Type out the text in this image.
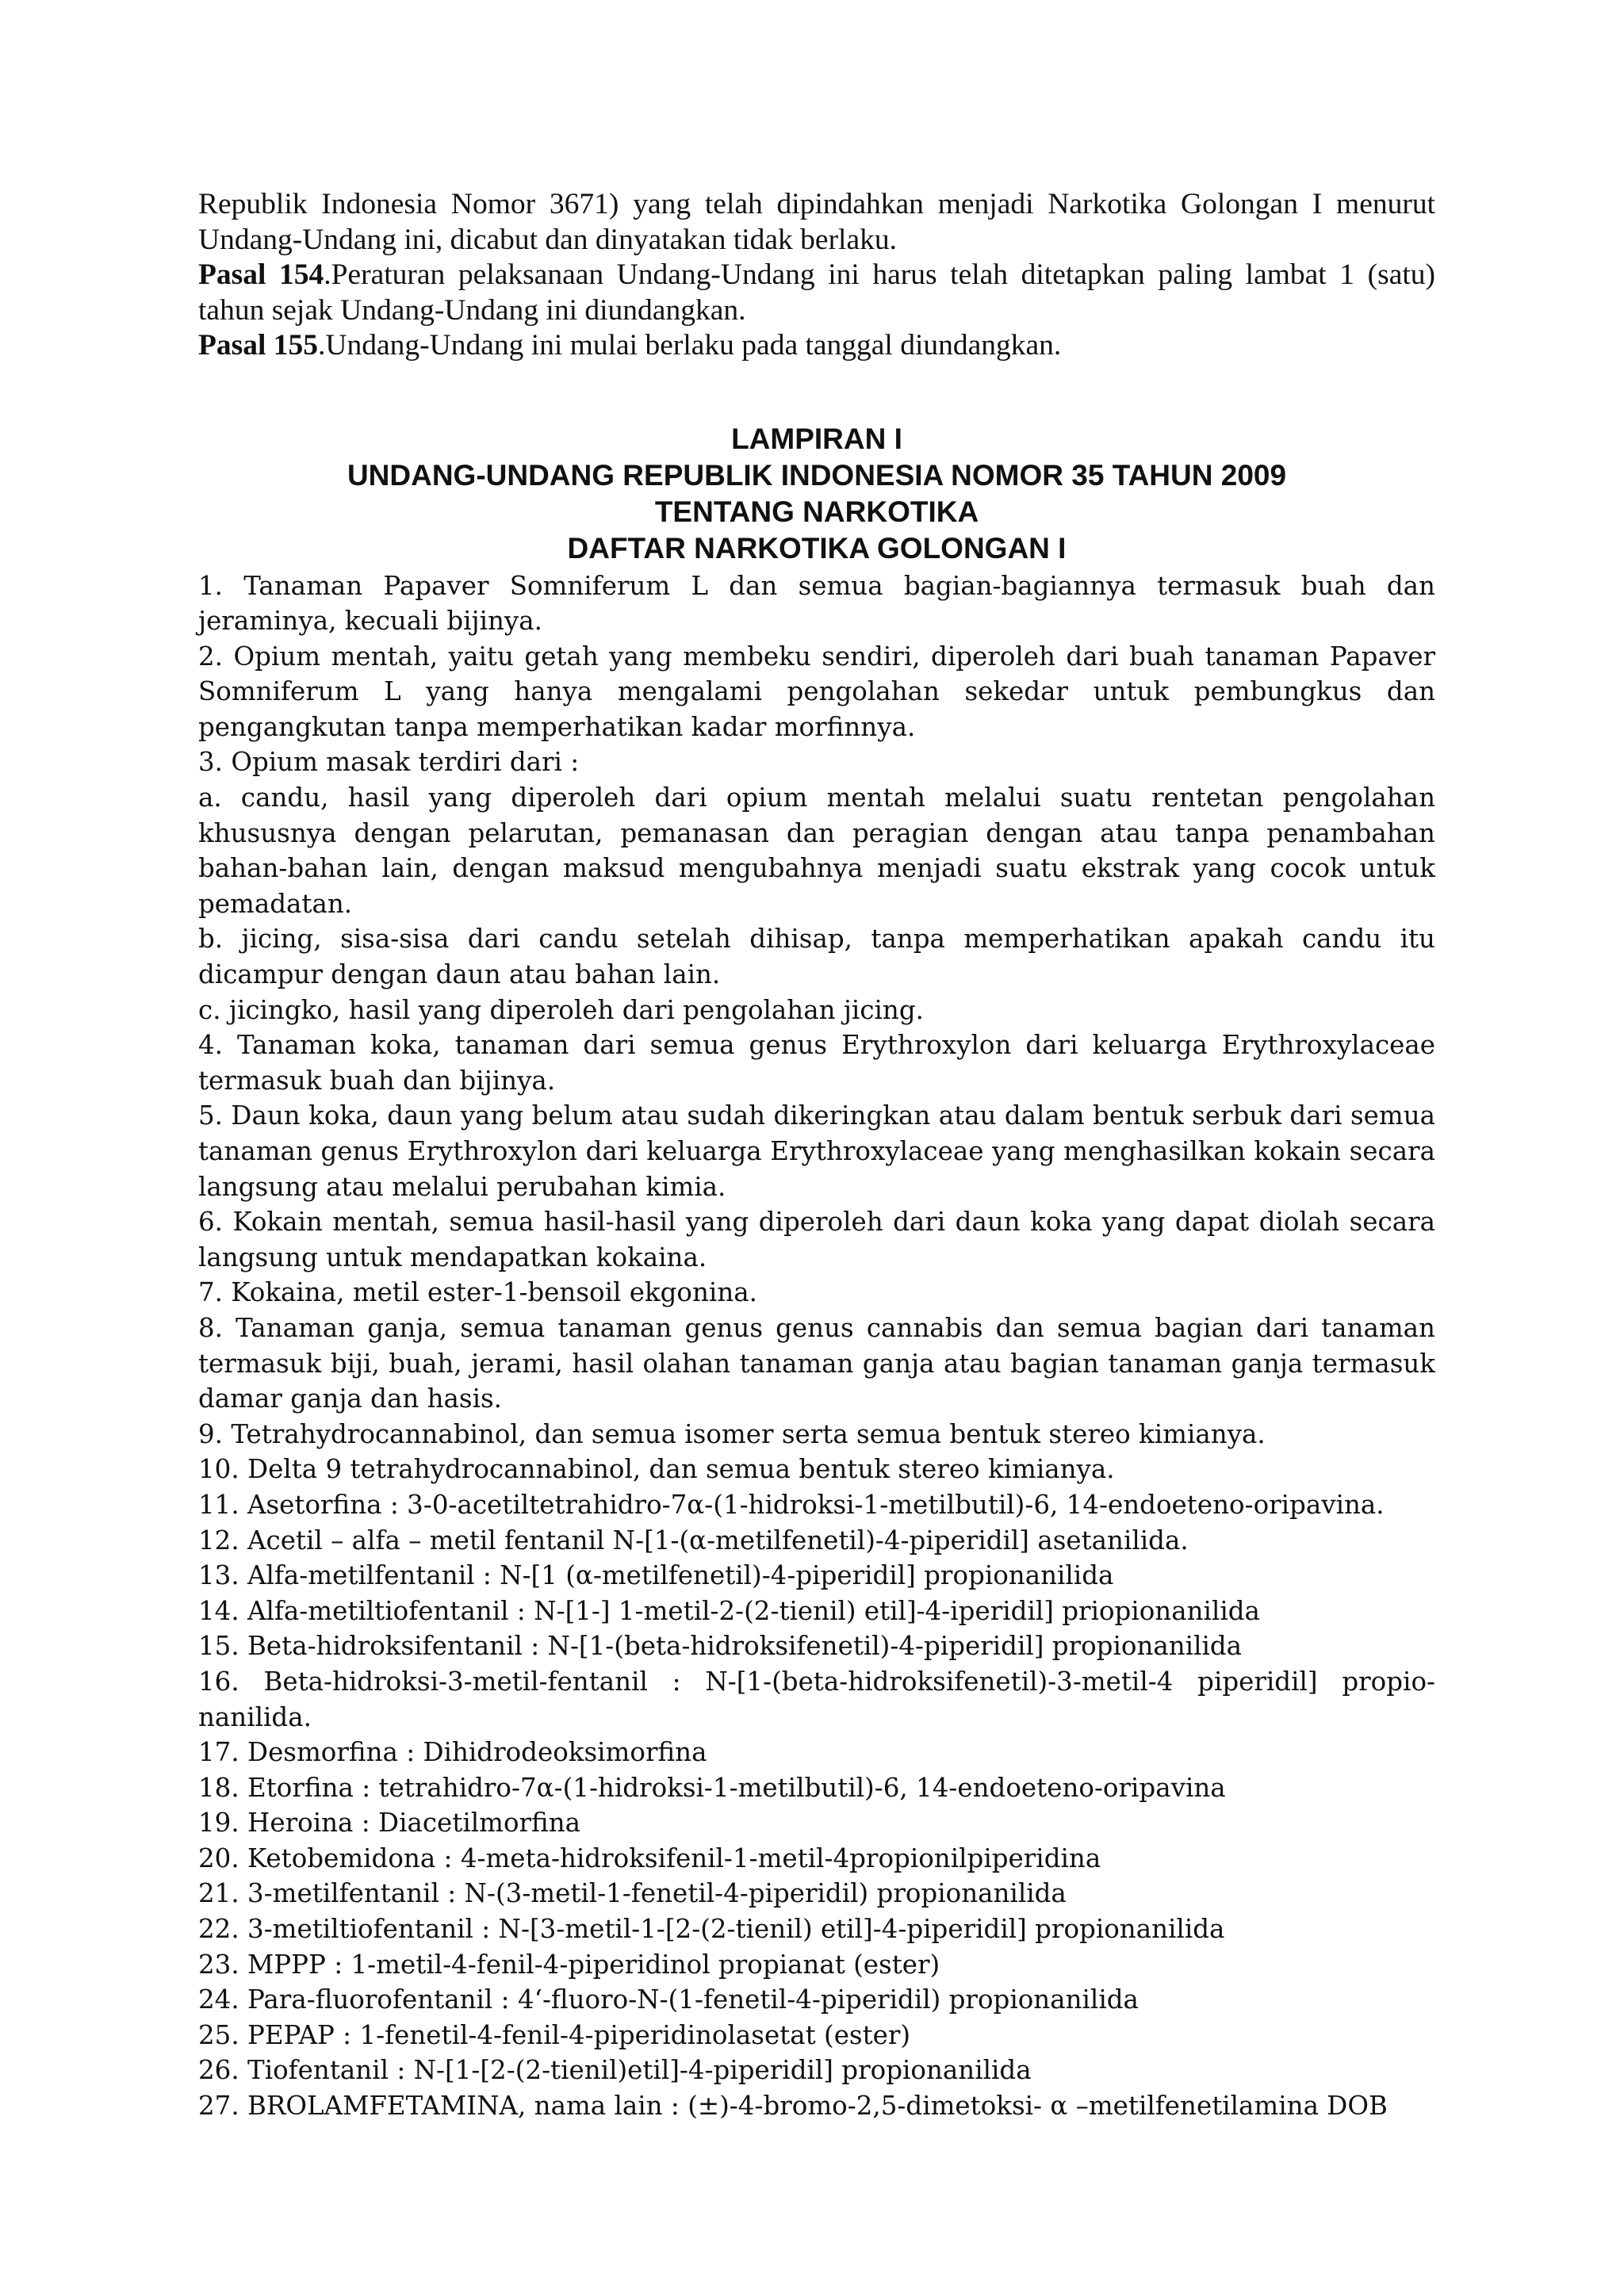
Republik Indonesia Nomor 3671) yang telah dipindahkan menjadi Narkotika Golongan I menurut Undang-Undang ini, dicabut dan dinyatakan tidak berlaku.

Pasal 154.Peraturan pelaksanaan Undang-Undang ini harus telah ditetapkan paling lambat 1 (satu) tahun sejak Undang-Undang ini diundangkan.

Pasal 155.Undang-Undang ini mulai berlaku pada tanggal diundangkan.

LAMPIRAN I
UNDANG-UNDANG REPUBLIK INDONESIA NOMOR 35 TAHUN 2009
TENTANG NARKOTIKA
DAFTAR NARKOTIKA GOLONGAN I

1. Tanaman Papaver Somniferum L dan semua bagian-bagiannya termasuk buah dan jeraminya, kecuali bijinya.

2. Opium mentah, yaitu getah yang membeku sendiri, diperoleh dari buah tanaman Papaver Somniferum L yang hanya mengalami pengolahan sekedar untuk pembungkus dan pengangkutan tanpa memperhatikan kadar morfinnya.

3. Opium masak terdiri dari :

a. candu, hasil yang diperoleh dari opium mentah melalui suatu rentetan pengolahan khususnya dengan pelarutan, pemanasan dan peragian dengan atau tanpa penambahan bahan-bahan lain, dengan maksud mengubahnya menjadi suatu ekstrak yang cocok untuk pemadatan.

b. jicing, sisa-sisa dari candu setelah dihisap, tanpa memperhatikan apakah candu itu dicampur dengan daun atau bahan lain.

c. jicingko, hasil yang diperoleh dari pengolahan jicing.

4. Tanaman koka, tanaman dari semua genus Erythroxylon dari keluarga Erythroxylaceae termasuk buah dan bijinya.

5. Daun koka, daun yang belum atau sudah dikeringkan atau dalam bentuk serbuk dari semua tanaman genus Erythroxylon dari keluarga Erythroxylaceae yang menghasilkan kokain secara langsung atau melalui perubahan kimia.

6. Kokain mentah, semua hasil-hasil yang diperoleh dari daun koka yang dapat diolah secara langsung untuk mendapatkan kokaina.

7. Kokaina, metil ester-1-bensoil ekgonina.

8. Tanaman ganja, semua tanaman genus genus cannabis dan semua bagian dari tanaman termasuk biji, buah, jerami, hasil olahan tanaman ganja atau bagian tanaman ganja termasuk damar ganja dan hasis.

9. Tetrahydrocannabinol, dan semua isomer serta semua bentuk stereo kimianya.

10. Delta 9 tetrahydrocannabinol, dan semua bentuk stereo kimianya.

11. Asetorfina : 3-0-acetiltetrahidro-7α-(1-hidroksi-1-metilbutil)-6, 14-endoeteno-oripavina.

12. Acetil – alfa – metil fentanil N-[1-(α-metilfenetil)-4-piperidil] asetanilida.

13. Alfa-metilfentanil : N-[1 (α-metilfenetil)-4-piperidil] propionanilida

14. Alfa-metiltiofentanil : N-[1-] 1-metil-2-(2-tienil) etil]-4-iperidil] priopionanilida

15. Beta-hidroksifentanil : N-[1-(beta-hidroksifenetil)-4-piperidil] propionanilida

16. Beta-hidroksi-3-metil-fentanil : N-[1-(beta-hidroksifenetil)-3-metil-4 piperidil] propio-nanilida.

17. Desmorfina : Dihidrodeoksimorfina

18. Etorfina : tetrahidro-7α-(1-hidroksi-1-metilbutil)-6, 14-endoeteno-oripavina

19. Heroina : Diacetilmorfina

20. Ketobemidona : 4-meta-hidroksifenil-1-metil-4propionilpiperidina

21. 3-metilfentanil : N-(3-metil-1-fenetil-4-piperidil) propionanilida

22. 3-metiltiofentanil : N-[3-metil-1-[2-(2-tienil) etil]-4-piperidil] propionanilida

23. MPPP : 1-metil-4-fenil-4-piperidinol propianat (ester)

24. Para-fluorofentanil : 4‘-fluoro-N-(1-fenetil-4-piperidil) propionanilida

25. PEPAP : 1-fenetil-4-fenil-4-piperidinolasetat (ester)

26. Tiofentanil : N-[1-[2-(2-tienil)etil]-4-piperidil] propionanilida

27. BROLAMFETAMINA, nama lain : (±)-4-bromo-2,5-dimetoksi- α –metilfenetilamina DOB
